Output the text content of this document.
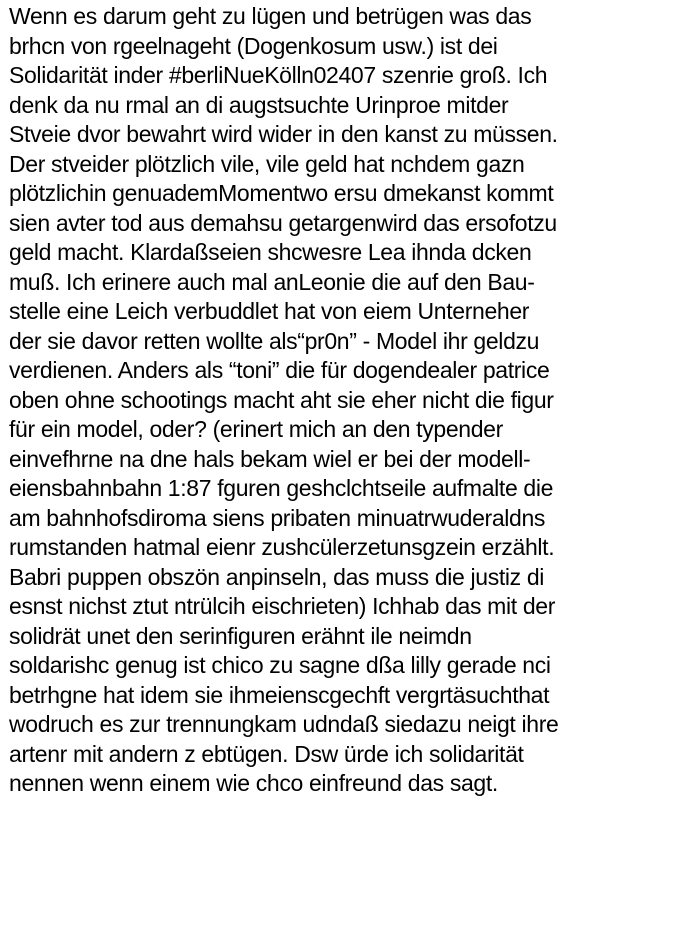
Wenn es darum geht zu lügen und betrügen was das
brhcn von rgeelnageht (Dogenkosum usw.) ist dei
Solidarität inder #berliNueKölln02407 szenrie groß. Ich
denk da nu rmal an di augstsuchte Urinproe mitder
Stveie dvor bewahrt wird wider in den kanst zu müssen.
Der stveider plötzlich vile, vile geld hat nchdem gazn
plötzlichin genuademMomentwo ersu dmekanst kommt
sien avter tod aus demahsu getargenwird das ersofotzu
geld macht. Klardaßseien shcwesre Lea ihnda dcken
muß. Ich erinere auch mal anLeonie die auf den Bau-
stelle eine Leich verbuddlet hat von eiem Unterneher
der sie davor retten wollte als“pr0n” - Model ihr geldzu
verdienen. Anders als “toni” die für dogendealer patrice
oben ohne schootings macht aht sie eher nicht die figur
für ein model, oder? (erinert mich an den typender
einvefhrne na dne hals bekam wiel er bei der modell-
eiensbahnbahn 1:87 fguren geshclchtseile aufmalte die
am bahnhofsdiroma siens pribaten minuatrwuderaldns
rumstanden hatmal eienr zushcülerzetunsgzein erzählt.
Babri puppen obszön anpinseln, das muss die justiz di
esnst nichst ztut ntrülcih eischrieten) Ichhab das mit der
solidrät unet den serinfiguren erähnt ile neimdn
soldarishc genug ist chico zu sagne dßa lilly gerade nci
betrhgne hat idem sie ihmeienscgechft vergrtäsuchthat
wodruch es zur trennungkam udndaß siedazu neigt ihre
artenr mit andern z ebtügen. Dsw ürde ich solidarität
nennen wenn einem wie chco einfreund das sagt.
